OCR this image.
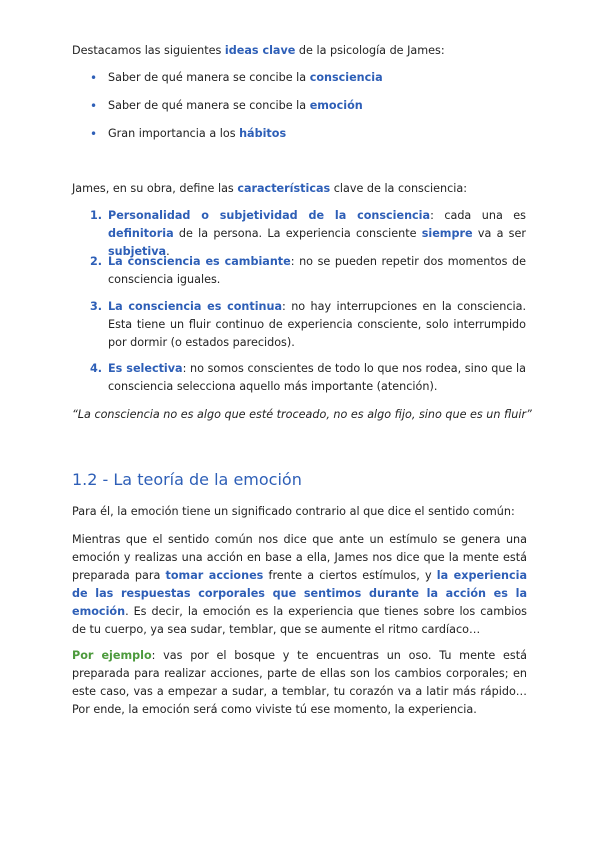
Destacamos las siguientes ideas clave de la psicología de James:

• Saber de qué manera se concibe la consciencia
• Saber de qué manera se concibe la emoción
• Gran importancia a los hábitos

James, en su obra, define las características clave de la consciencia:

1. Personalidad o subjetividad de la consciencia: cada una es definitoria de la persona. La experiencia consciente siempre va a ser subjetiva.
2. La consciencia es cambiante: no se pueden repetir dos momentos de consciencia iguales.
3. La consciencia es continua: no hay interrupciones en la consciencia. Esta tiene un fluir continuo de experiencia consciente, solo interrumpido por dormir (o estados parecidos).
4. Es selectiva: no somos conscientes de todo lo que nos rodea, sino que la consciencia selecciona aquello más importante (atención).

“La consciencia no es algo que esté troceado, no es algo fijo, sino que es un fluir”

1.2 - La teoría de la emoción

Para él, la emoción tiene un significado contrario al que dice el sentido común:

Mientras que el sentido común nos dice que ante un estímulo se genera una emoción y realizas una acción en base a ella, James nos dice que la mente está preparada para tomar acciones frente a ciertos estímulos, y la experiencia de las respuestas corporales que sentimos durante la acción es la emoción. Es decir, la emoción es la experiencia que tienes sobre los cambios de tu cuerpo, ya sea sudar, temblar, que se aumente el ritmo cardíaco…

Por ejemplo: vas por el bosque y te encuentras un oso. Tu mente está preparada para realizar acciones, parte de ellas son los cambios corporales; en este caso, vas a empezar a sudar, a temblar, tu corazón va a latir más rápido… Por ende, la emoción será como viviste tú ese momento, la experiencia.
